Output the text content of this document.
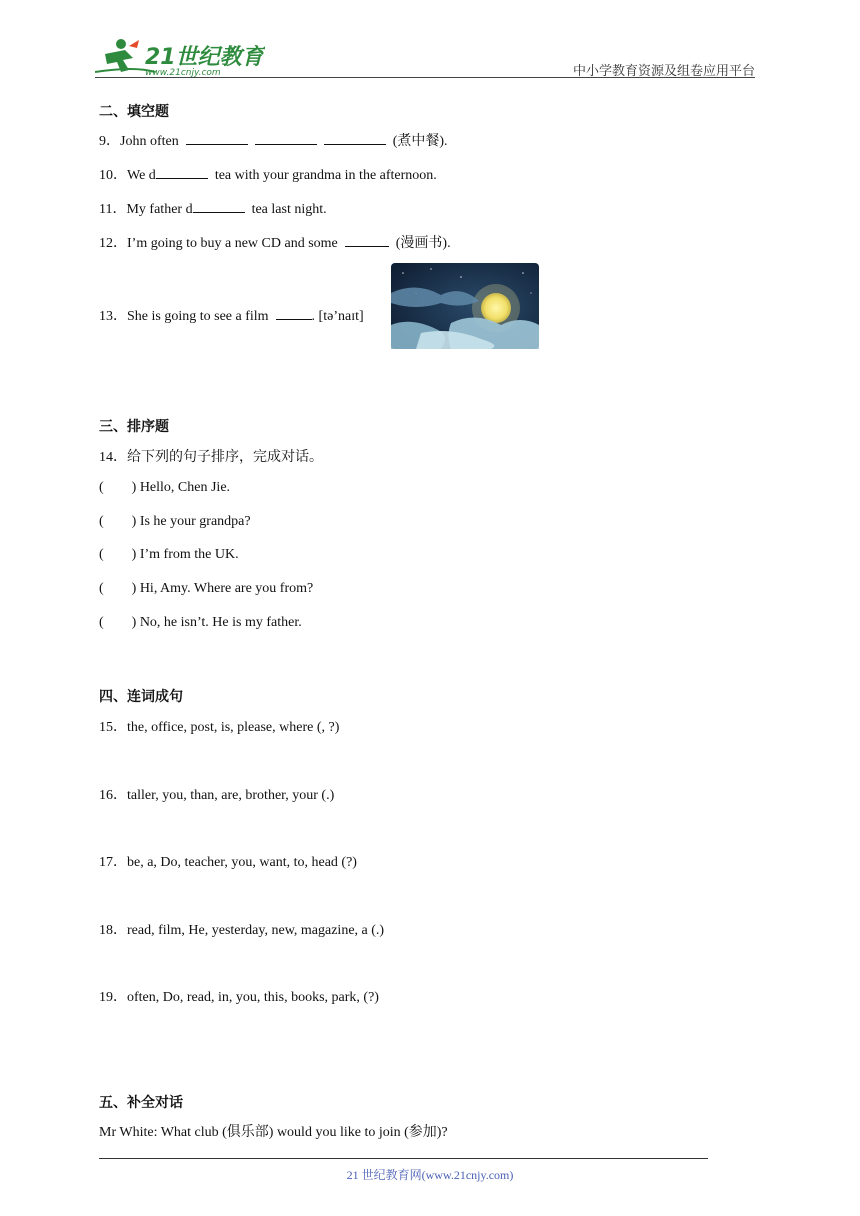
21世纪教育
www.21cnjy.com	中小学教育资源及组卷应用平台
二、填空题
9．John often	(煮中餐).
10．We d	tea with your grandma in the afternoon.
11．My father d	tea last night.
12．I’m going to buy a new CD and some	(漫画书).
13．She is going to see a film	. [tə’naɪt]
三、排序题
14．给下列的句子排序，完成对话。
(        ) Hello, Chen Jie.
(        ) Is he your grandpa?
(        ) I’m from the UK.
(        ) Hi, Amy. Where are you from?
(        ) No, he isn’t. He is my father.
四、连词成句
15．the, office, post, is, please, where (, ?)
16．taller, you, than, are, brother, your (.)
17．be, a, Do, teacher, you, want, to, head (?)
18．read, film, He, yesterday, new, magazine, a (.)
19．often, Do, read, in, you, this, books, park, (?)
五、补全对话
Mr White: What club (俱乐部) would you like to join (参加)?
21 世纪教育网(www.21cnjy.com)
